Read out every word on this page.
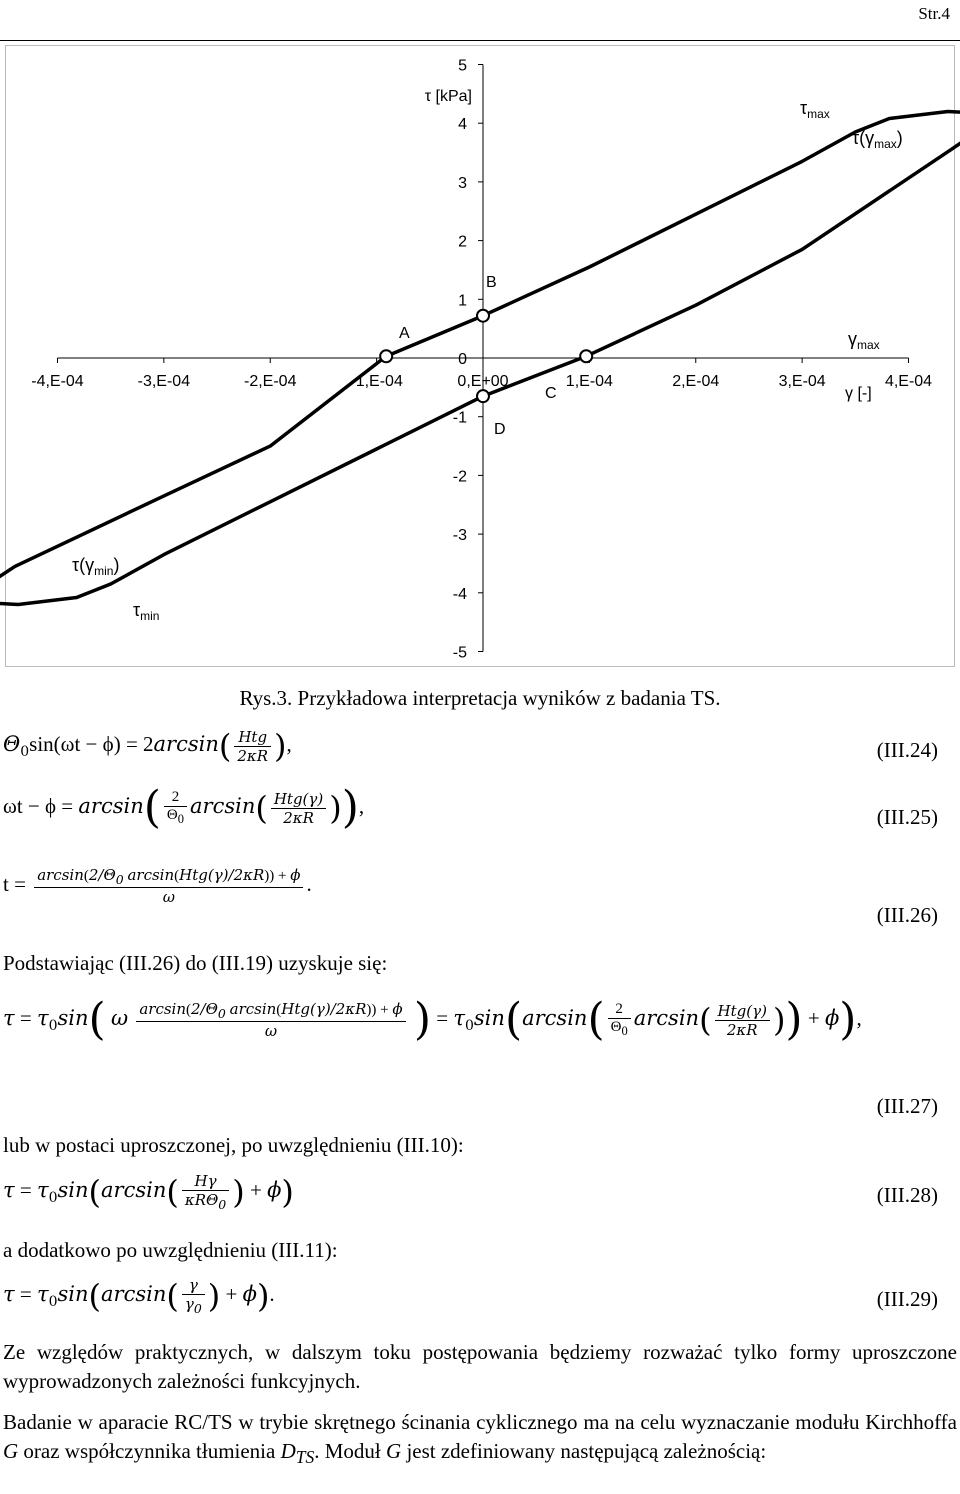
Str.4
-4,E-04	-3,E-04	-2,E-04	-1,E-04	0,E+00	1,E-04	2,E-04	3,E-04	4,E-04
5
4
3
2
1
0
-1
-2
-3
-4
-5
τ [kPa]
γ [-]
$\tau_{max}$
$\tau(\gamma_{max})$
$\gamma_{max}$
$\tau(\gamma_{min})$
$\tau_{min}$
A
B
C
D
Rys.3. Przykładowa interpretacja wyników z badania TS.
$\Theta_0\sin(\omega t - \phi) = 2\arcsin( \frac{\text{Htg}}{2\kappa R}$ ),	(III.24)
$\omega t - \phi = \arcsin( \frac{2}{\Theta_0} \arcsin( \frac{\text{Htg(γ)}}{2\kappa R}$ )),	(III.25)
$t = \frac{\arcsin(2/\Theta_0 \arcsin(Htg(\gamma)/2\kappa R)) + \phi}{\omega}$ .
(III.26)
Podstawiając (III.26) do (III.19) uzyskuje się:
$\tau = \tau_0\sin$( ω $\frac{\arcsin(2/\Theta_0 \arcsin(Htg(\gamma)/2\kappa R)) + \phi}{\omega}$ ) = $\tau_0\sin(\arcsin( \frac{2}{\Theta_0} \arcsin( \frac{\text{Htg(γ)}}{2\kappa R}$ )) + ϕ),
(III.27)
lub w postaci uproszczonej, po uwzględnieniu (III.10):
$\tau = \tau_0\sin(\arcsin( \frac{H\gamma}{\kappa R\Theta_0}$ ) + ϕ)	(III.28)
a dodatkowo po uwzględnieniu (III.11):
$\tau = \tau_0\sin(\arcsin( \frac{\gamma}{\gamma_0}$ ) + ϕ).	(III.29)
Ze względów praktycznych, w dalszym toku postępowania będziemy rozważać tylko formy uproszczone wyprowadzonych zależności funkcyjnych.
Badanie w aparacie RC/TS w trybie skrętnego ścinania cyklicznego ma na celu wyznaczanie modułu Kirchhoffa G oraz współczynnika tłumienia $D_{TS}$. Moduł G jest zdefiniowany następującą zależnością:
